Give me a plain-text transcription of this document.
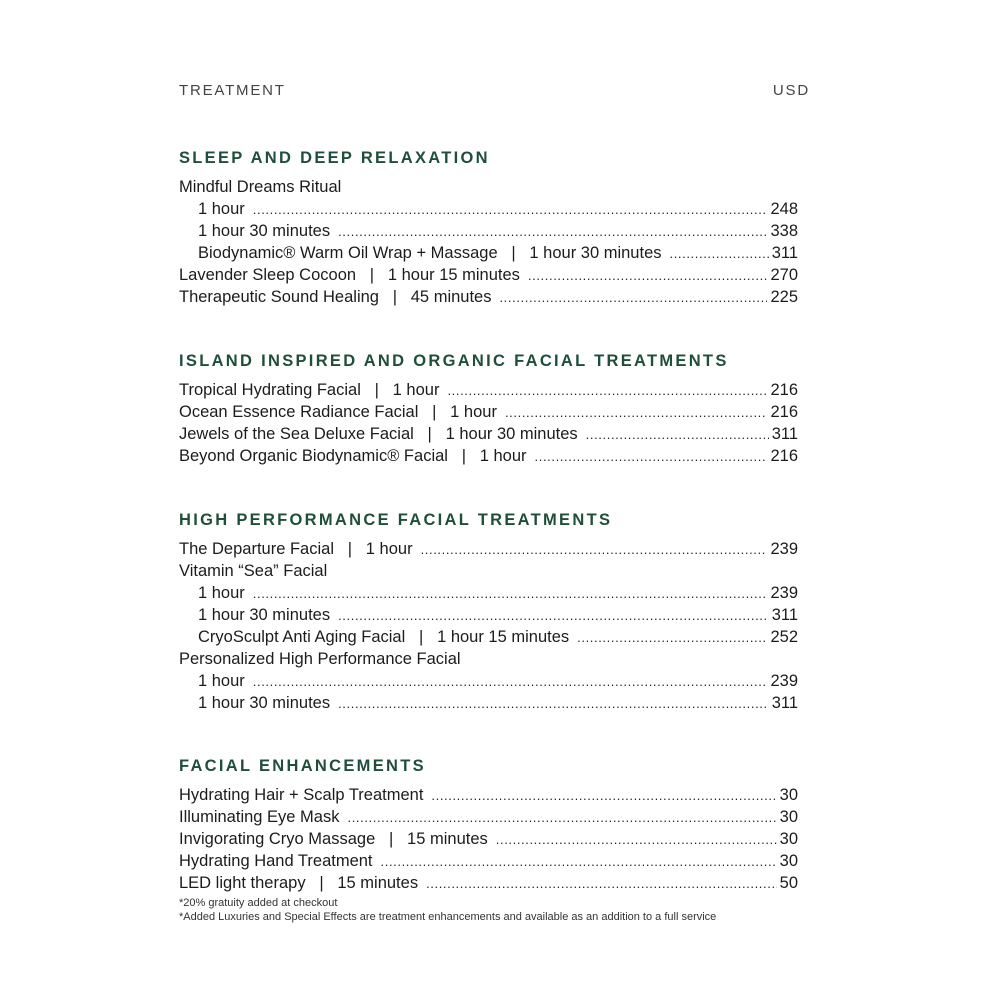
TREATMENT	USD
SLEEP AND DEEP RELAXATION
Mindful Dreams Ritual
1 hour .....	248
1 hour 30 minutes .....	338
Biodynamic® Warm Oil Wrap + Massage   |   1 hour 30 minutes .....	311
Lavender Sleep Cocoon   |   1 hour 15 minutes .....	270
Therapeutic Sound Healing   |   45 minutes .....	225
ISLAND INSPIRED AND ORGANIC FACIAL TREATMENTS
Tropical Hydrating Facial   |   1 hour .....	216
Ocean Essence Radiance Facial   |   1 hour .....	216
Jewels of the Sea Deluxe Facial   |   1 hour 30 minutes .....	311
Beyond Organic Biodynamic® Facial   |   1 hour .....	216
HIGH PERFORMANCE FACIAL TREATMENTS
The Departure Facial   |   1 hour .....	239
Vitamin “Sea” Facial
1 hour .....	239
1 hour 30 minutes .....	311
CryoSculpt Anti Aging Facial   |   1 hour 15 minutes .....	252
Personalized High Performance Facial
1 hour .....	239
1 hour 30 minutes .....	311
FACIAL ENHANCEMENTS
Hydrating Hair + Scalp Treatment .....	30
Illuminating Eye Mask .....	30
Invigorating Cryo Massage   |   15 minutes .....	30
Hydrating Hand Treatment .....	30
LED light therapy   |   15 minutes .....	50
*20% gratuity added at checkout
*Added Luxuries and Special Effects are treatment enhancements and available as an addition to a full service
